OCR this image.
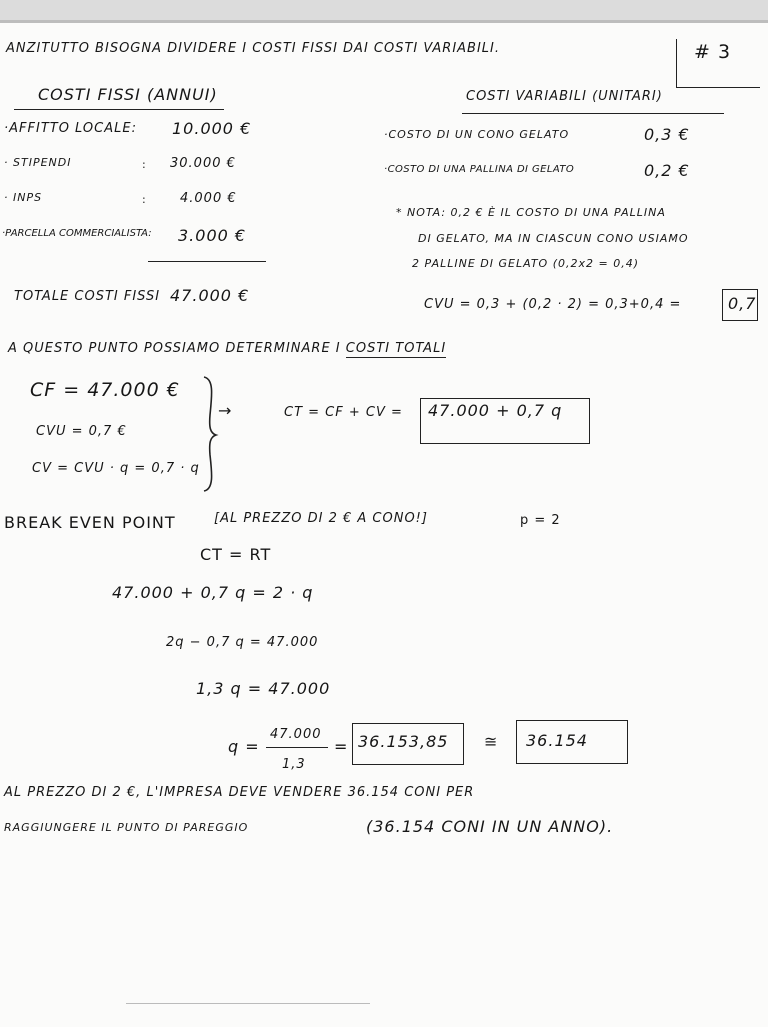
ANZITUTTO BISOGNA DIVIDERE I COSTI FISSI DAI COSTI VARIABILI.	# 3
COSTI FISSI (ANNUI)
·AFFITTO LOCALE: 10.000 €
· STIPENDI	: 30.000 €
· INPS	:	4.000 €
·PARCELLA COMMERCIALISTA: 3.000 €
TOTALE COSTI FISSI 47.000 €
COSTI VARIABILI (UNITARI)
·COSTO DI UN CONO GELATO	0,3 €
·COSTO DI UNA PALLINA DI GELATO	0,2 €
* NOTA: 0,2 € È IL COSTO DI UNA PALLINA
DI GELATO, MA IN CIASCUN CONO USIAMO
2 PALLINE DI GELATO (0,2x2 = 0,4)
CVU = 0,3 + (0,2 · 2) = 0,3+0,4 =	0,7
A QUESTO PUNTO POSSIAMO DETERMINARE I COSTI TOTALI
CF = 47.000 €
CVU = 0,7 €
CV = CVU · q = 0,7 · q
→	CT = CF + CV = 47.000 + 0,7 q
BREAK EVEN POINT	[AL PREZZO DI 2 € A CONO!]	p = 2
CT = RT
47.000 + 0,7 q = 2 · q
2q − 0,7 q = 47.000
1,3 q = 47.000
q =
47.000
1,3
= 36.153,85 ≅ 36.154
AL PREZZO DI 2 €, L'IMPRESA DEVE VENDERE 36.154 CONI PER
RAGGIUNGERE IL PUNTO DI PAREGGIO	(36.154 CONI IN UN ANNO).
